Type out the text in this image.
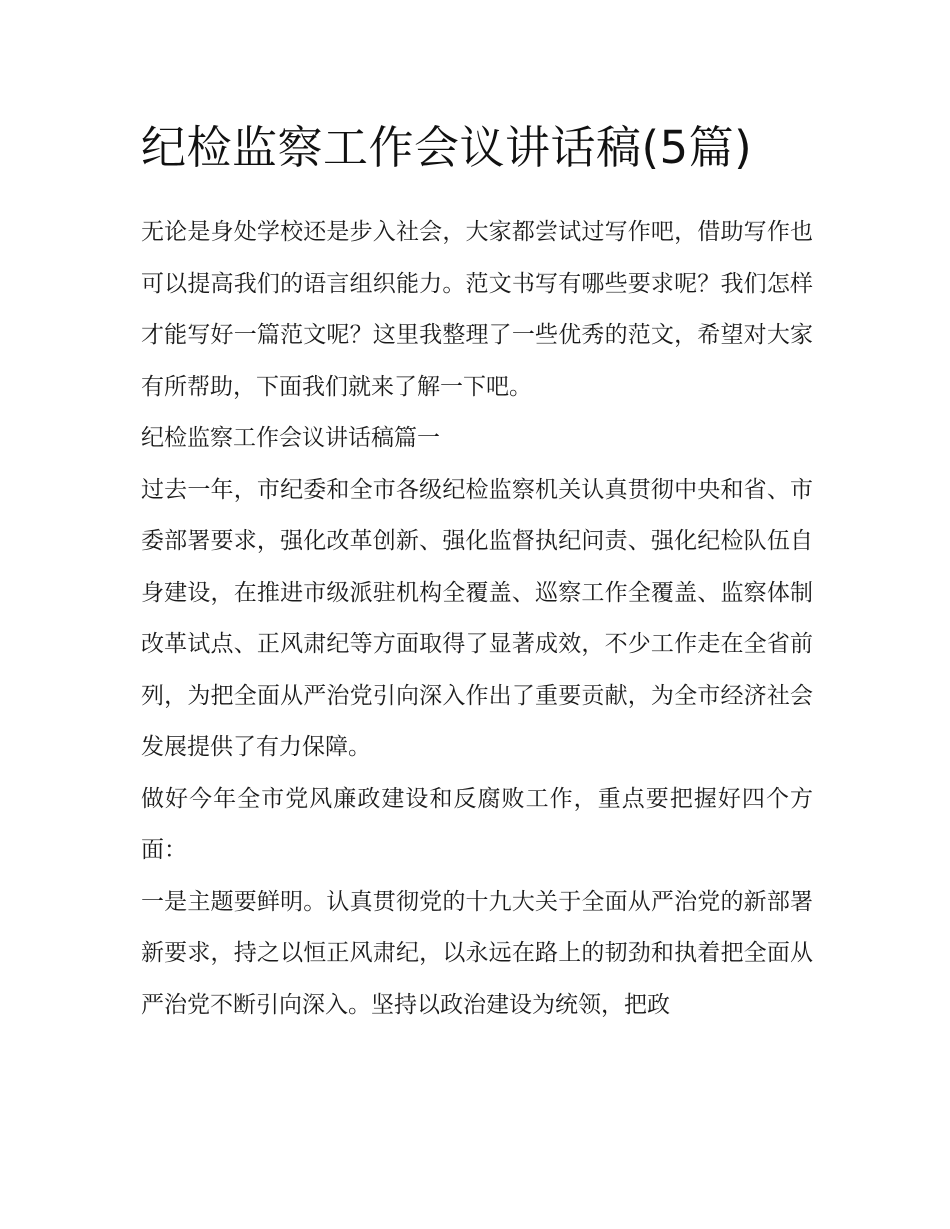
纪检监察工作会议讲话稿(5篇)

无论是身处学校还是步入社会，大家都尝试过写作吧，借助写作也可以提高我们的语言组织能力。范文书写有哪些要求呢？我们怎样才能写好一篇范文呢？这里我整理了一些优秀的范文，希望对大家有所帮助，下面我们就来了解一下吧。

纪检监察工作会议讲话稿篇一

过去一年，市纪委和全市各级纪检监察机关认真贯彻中央和省、市委部署要求，强化改革创新、强化监督执纪问责、强化纪检队伍自身建设，在推进市级派驻机构全覆盖、巡察工作全覆盖、监察体制改革试点、正风肃纪等方面取得了显著成效，不少工作走在全省前列，为把全面从严治党引向深入作出了重要贡献，为全市经济社会发展提供了有力保障。

做好今年全市党风廉政建设和反腐败工作，重点要把握好四个方面：

一是主题要鲜明。认真贯彻党的十九大关于全面从严治党的新部署新要求，持之以恒正风肃纪，以永远在路上的韧劲和执着把全面从严治党不断引向深入。坚持以政治建设为统领，把政
